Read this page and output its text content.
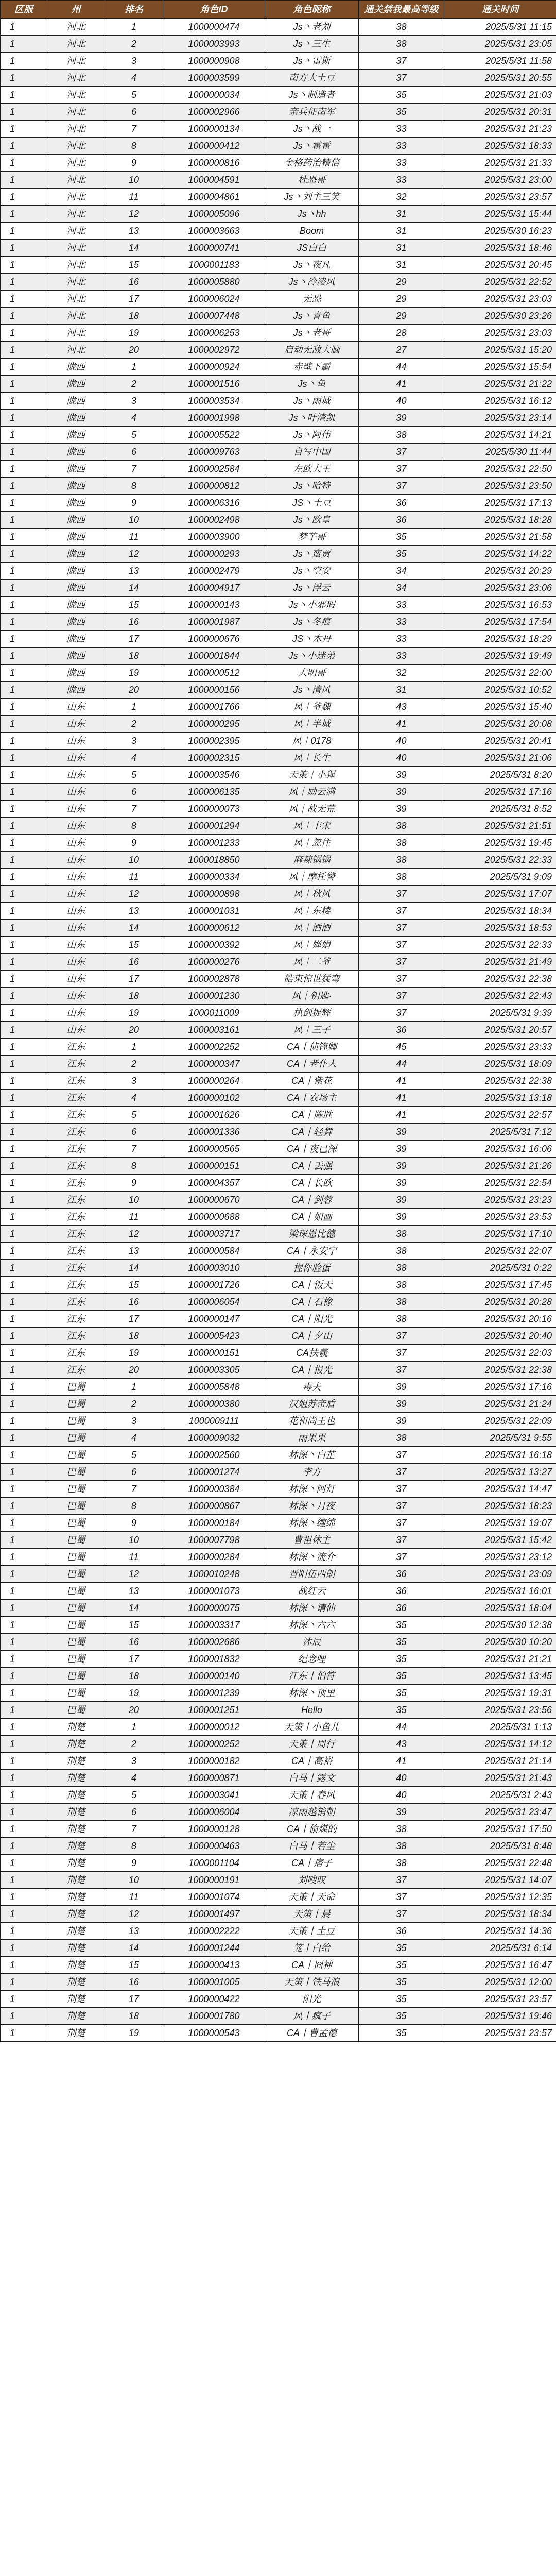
区服	州	排名	角色ID	角色昵称	通关禁我最高等级	通关时间
1	河北	1	1000000474	Js丶老刘	38	2025/5/31 11:15
1	河北	2	1000003993	Js丶三生	38	2025/5/31 23:05
1	河北	3	1000000908	Js丶雷斯	37	2025/5/31 11:58
1	河北	4	1000003599	南方大土豆	37	2025/5/31 20:55
1	河北	5	1000000034	Js丶制造者	35	2025/5/31 21:03
1	河北	6	1000002966	亲兵征南军	35	2025/5/31 20:31
1	河北	7	1000000134	Js丶战一	33	2025/5/31 21:23
1	河北	8	1000000412	Js丶霍霍	33	2025/5/31 18:33
1	河北	9	1000000816	金格药治精倍	33	2025/5/31 21:33
1	河北	10	1000004591	杜恐哥	33	2025/5/31 23:00
1	河北	11	1000004861	Js丶刘主三笑	32	2025/5/31 23:57
1	河北	12	1000005096	Js丶hh	31	2025/5/31 15:44
1	河北	13	1000003663	Boom	31	2025/5/30 16:23
1	河北	14	1000000741	JS白白	31	2025/5/31 18:46
1	河北	15	1000001183	Js丶夜凡	31	2025/5/31 20:45
1	河北	16	1000005880	Js丶冷凌风	29	2025/5/31 22:52
1	河北	17	1000006024	无恐	29	2025/5/31 23:03
1	河北	18	1000007448	Js丶青鱼	29	2025/5/30 23:26
1	河北	19	1000006253	Js丶老哥	28	2025/5/31 23:03
1	河北	20	1000002972	启动无敌大脑	27	2025/5/31 15:20
1	陇西	1	1000000924	赤壁下霸	44	2025/5/31 15:54
1	陇西	2	1000001516	Js丶鱼	41	2025/5/31 21:22
1	陇西	3	1000003534	Js丶雨城	40	2025/5/31 16:12
1	陇西	4	1000001998	Js丶叶渣凯	39	2025/5/31 23:14
1	陇西	5	1000005522	Js丶阿伟	38	2025/5/31 14:21
1	陇西	6	1000009763	自写中国	37	2025/5/30 11:44
1	陇西	7	1000002584	左欧大王	37	2025/5/31 22:50
1	陇西	8	1000000812	Js丶哈特	37	2025/5/31 23:50
1	陇西	9	1000006316	JS丶土豆	36	2025/5/31 17:13
1	陇西	10	1000002498	Js丶欧皇	36	2025/5/31 18:28
1	陇西	11	1000003900	梦芋哥	35	2025/5/31 21:58
1	陇西	12	1000000293	Js丶蛮贾	35	2025/5/31 14:22
1	陇西	13	1000002479	Js丶空安	34	2025/5/31 20:29
1	陇西	14	1000004917	Js丶浮云	34	2025/5/31 23:06
1	陇西	15	1000000143	Js丶小邪瑕	33	2025/5/31 16:53
1	陇西	16	1000001987	Js丶冬痕	33	2025/5/31 17:54
1	陇西	17	1000000676	JS丶木丹	33	2025/5/31 18:29
1	陇西	18	1000001844	Js丶小迷弟	33	2025/5/31 19:49
1	陇西	19	1000000512	大明哥	32	2025/5/31 22:00
1	陇西	20	1000000156	Js丶清风	31	2025/5/31 10:52
1	山东	1	1000001766	风｜爷魏	43	2025/5/31 15:40
1	山东	2	1000000295	风｜半城	41	2025/5/31 20:08
1	山东	3	1000002395	风｜0178	40	2025/5/31 20:41
1	山东	4	1000002315	风｜长生	40	2025/5/31 21:06
1	山东	5	1000003546	天策｜小猩	39	2025/5/31 8:20
1	山东	6	1000006135	风｜励云满	39	2025/5/31 17:16
1	山东	7	1000000073	风｜战无荒	39	2025/5/31 8:52
1	山东	8	1000001294	风｜丰宋	38	2025/5/31 21:51
1	山东	9	1000001233	风｜忽往	38	2025/5/31 19:45
1	山东	10	1000018850	麻辣锅锅	38	2025/5/31 22:33
1	山东	11	1000000334	风｜摩托警	38	2025/5/31 9:09
1	山东	12	1000000898	风｜秋风	37	2025/5/31 17:07
1	山东	13	1000001031	风｜东楼	37	2025/5/31 18:34
1	山东	14	1000000612	风｜酒酒	37	2025/5/31 18:53
1	山东	15	1000000392	风｜婵娟	37	2025/5/31 22:33
1	山东	16	1000000276	风｜二爷	37	2025/5/31 21:49
1	山东	17	1000002878	皓束惊世猛弯	37	2025/5/31 22:38
1	山东	18	1000001230	风｜钥匙·	37	2025/5/31 22:43
1	山东	19	1000011009	执剑捉辉	37	2025/5/31 9:39
1	山东	20	1000003161	风｜三子	36	2025/5/31 20:57
1	江东	1	1000002252	CA丨侦锋卿	45	2025/5/31 23:33
1	江东	2	1000000347	CA丨老仆人	44	2025/5/31 18:09
1	江东	3	1000000264	CA丨紫花	41	2025/5/31 22:38
1	江东	4	1000000102	CA丨农场主	41	2025/5/31 13:18
1	江东	5	1000001626	CA丨陈胜	41	2025/5/31 22:57
1	江东	6	1000001336	CA丨轻舞	39	2025/5/31 7:12
1	江东	7	1000000565	CA丨夜已深	39	2025/5/31 16:06
1	江东	8	1000000151	CA丨丢强	39	2025/5/31 21:26
1	江东	9	1000004357	CA丨长欧	39	2025/5/31 22:54
1	江东	10	1000000670	CA丨剑蓉	39	2025/5/31 23:23
1	江东	11	1000000688	CA丨如画	39	2025/5/31 23:53
1	江东	12	1000003717	梁琛恩比德	38	2025/5/31 17:10
1	江东	13	1000000584	CA丨永安宁	38	2025/5/31 22:07
1	江东	14	1000003010	捏你脸蛋	38	2025/5/31 0:22
1	江东	15	1000001726	CA丨饭天	38	2025/5/31 17:45
1	江东	16	1000006054	CA丨石橡	38	2025/5/31 20:28
1	江东	17	1000000147	CA丨阳光	38	2025/5/31 20:16
1	江东	18	1000005423	CA丨夕山	37	2025/5/31 20:40
1	江东	19	1000000151	CA扶羲	37	2025/5/31 22:03
1	江东	20	1000003305	CA丨报光	37	2025/5/31 22:38
1	巴蜀	1	1000005848	毒夫	39	2025/5/31 17:16
1	巴蜀	2	1000000380	汉姐苏帝盾	39	2025/5/31 21:24
1	巴蜀	3	1000009111	花和尚王也	39	2025/5/31 22:09
1	巴蜀	4	1000009032	雨果果	38	2025/5/31 9:55
1	巴蜀	5	1000002560	林深丶白芷	37	2025/5/31 16:18
1	巴蜀	6	1000001274	李方	37	2025/5/31 13:27
1	巴蜀	7	1000000384	林深丶阿灯	37	2025/5/31 14:47
1	巴蜀	8	1000000867	林深丶月夜	37	2025/5/31 18:23
1	巴蜀	9	1000000184	林深丶缠绵	37	2025/5/31 19:07
1	巴蜀	10	1000007798	曹祖休主	37	2025/5/31 15:42
1	巴蜀	11	1000000284	林深丶流介	37	2025/5/31 23:12
1	巴蜀	12	1000010248	晋阳伍西朗	36	2025/5/31 23:09
1	巴蜀	13	1000001073	战红云	36	2025/5/31 16:01
1	巴蜀	14	1000000075	林深丶请仙	36	2025/5/31 18:04
1	巴蜀	15	1000003317	林深丶六六	35	2025/5/30 12:38
1	巴蜀	16	1000002686	沐辰	35	2025/5/30 10:20
1	巴蜀	17	1000001832	纪念哩	35	2025/5/31 21:21
1	巴蜀	18	1000000140	江东丨伯符	35	2025/5/31 13:45
1	巴蜀	19	1000001239	林深丶顶里	35	2025/5/31 19:31
1	巴蜀	20	1000001251	Hello	35	2025/5/31 23:56
1	荆楚	1	1000000012	天策丨小鱼儿	44	2025/5/31 1:13
1	荆楚	2	1000000252	天策丨周行	43	2025/5/31 14:12
1	荆楚	3	1000000182	CA丨高裕	41	2025/5/31 21:14
1	荆楚	4	1000000871	白马丨露文	40	2025/5/31 21:43
1	荆楚	5	1000003041	天策丨春风	40	2025/5/31 2:43
1	荆楚	6	1000006004	凉雨越销朝	39	2025/5/31 23:47
1	荆楚	7	1000000128	CA丨偷煤的	38	2025/5/31 17:50
1	荆楚	8	1000000463	白马丨若尘	38	2025/5/31 8:48
1	荆楚	9	1000001104	CA丨痞子	38	2025/5/31 22:48
1	荆楚	10	1000000191	刘嗖叹	37	2025/5/31 14:07
1	荆楚	11	1000001074	天策丨天命	37	2025/5/31 12:35
1	荆楚	12	1000001497	天策丨晨	37	2025/5/31 18:34
1	荆楚	13	1000002222	天策丨土豆	36	2025/5/31 14:36
1	荆楚	14	1000001244	笼丨白给	35	2025/5/31 6:14
1	荆楚	15	1000000413	CA丨囧神	35	2025/5/31 16:47
1	荆楚	16	1000001005	天策丨铁马浪	35	2025/5/31 12:00
1	荆楚	17	1000000422	阳光	35	2025/5/31 23:57
1	荆楚	18	1000001780	风丨疯子	35	2025/5/31 19:46
1	荆楚	19	1000000543	CA丨曹孟德	35	2025/5/31 23:57
